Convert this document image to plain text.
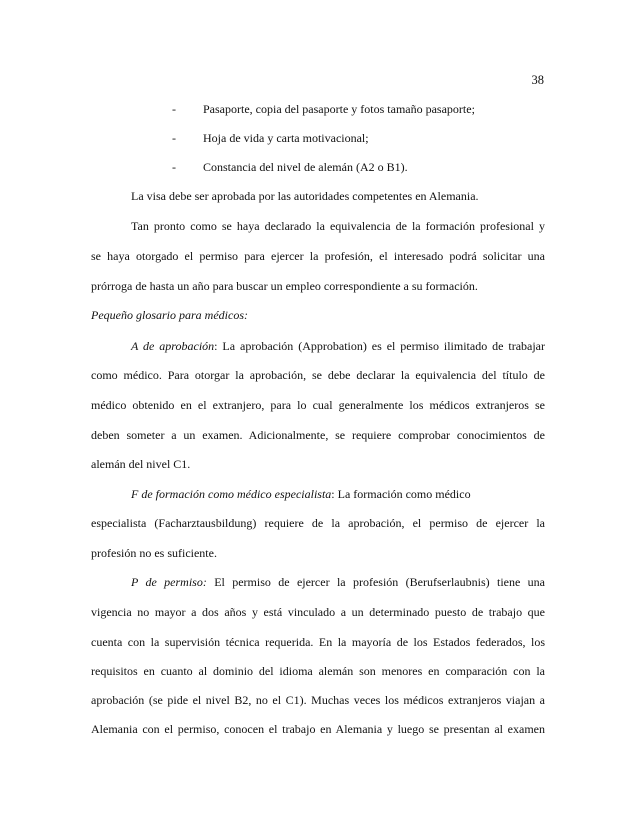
38
- Pasaporte, copia del pasaporte y fotos tamaño pasaporte;
- Hoja de vida y carta motivacional;
- Constancia del nivel de alemán (A2 o B1).
La visa debe ser aprobada por las autoridades competentes en Alemania.
Tan pronto como se haya declarado la equivalencia de la formación profesional y
se haya otorgado el permiso para ejercer la profesión, el interesado podrá solicitar una
prórroga de hasta un año para buscar un empleo correspondiente a su formación.
Pequeño glosario para médicos:
A de aprobación: La aprobación (Approbation) es el permiso ilimitado de trabajar
como médico. Para otorgar la aprobación, se debe declarar la equivalencia del título de
médico obtenido en el extranjero, para lo cual generalmente los médicos extranjeros se
deben someter a un examen. Adicionalmente, se requiere comprobar conocimientos de
alemán del nivel C1.
F de formación como médico especialista: La formación como médico
especialista (Facharztausbildung) requiere de la aprobación, el permiso de ejercer la
profesión no es suficiente.
P de permiso: El permiso de ejercer la profesión (Berufserlaubnis) tiene una
vigencia no mayor a dos años y está vinculado a un determinado puesto de trabajo que
cuenta con la supervisión técnica requerida. En la mayoría de los Estados federados, los
requisitos en cuanto al dominio del idioma alemán son menores en comparación con la
aprobación (se pide el nivel B2, no el C1). Muchas veces los médicos extranjeros viajan a
Alemania con el permiso, conocen el trabajo en Alemania y luego se presentan al examen
